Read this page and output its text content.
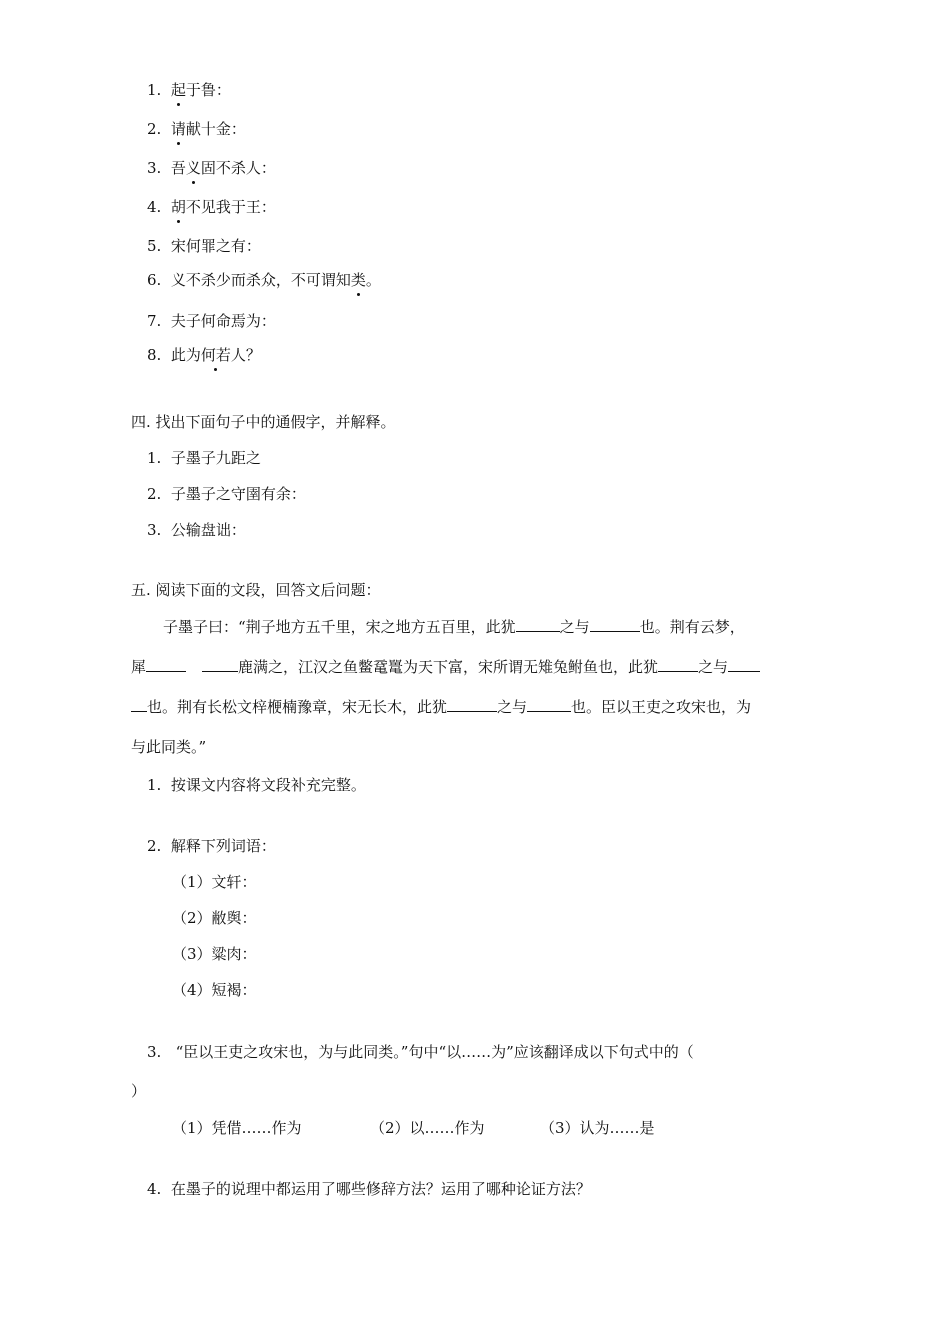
1. 起于鲁：
2. 请献十金：
3. 吾义固不杀人：
4. 胡不见我于王：
5. 宋何罪之有：
6. 义不杀少而杀众，不可谓知类。
7. 夫子何命焉为：
8. 此为何若人？
四. 找出下面句子中的通假字，并解释。
1. 子墨子九距之
2. 子墨子之守圉有余：
3. 公输盘诎：
五. 阅读下面的文段，回答文后问题：
子墨子曰：“荆子地方五千里，宋之地方五百里，此犹	之与	也。荆有云梦，
犀	鹿满之，江汉之鱼鳖鼋鼍为天下富，宋所谓无雉兔鲋鱼也，此犹	之与
也。荆有长松文梓楩楠豫章，宋无长木，此犹	之与	也。臣以王吏之攻宋也，为
与此同类。”
1. 按课文内容将文段补充完整。
2. 解释下列词语：
（1）文轩：
（2）敝舆：
（3）粱肉：
（4）短褐：
3. “臣以王吏之攻宋也，为与此同类。”句中“以……为”应该翻译成以下句式中的（
）
（1）凭借……作为	（2）以……作为	（3）认为……是
4. 在墨子的说理中都运用了哪些修辞方法？运用了哪种论证方法？
